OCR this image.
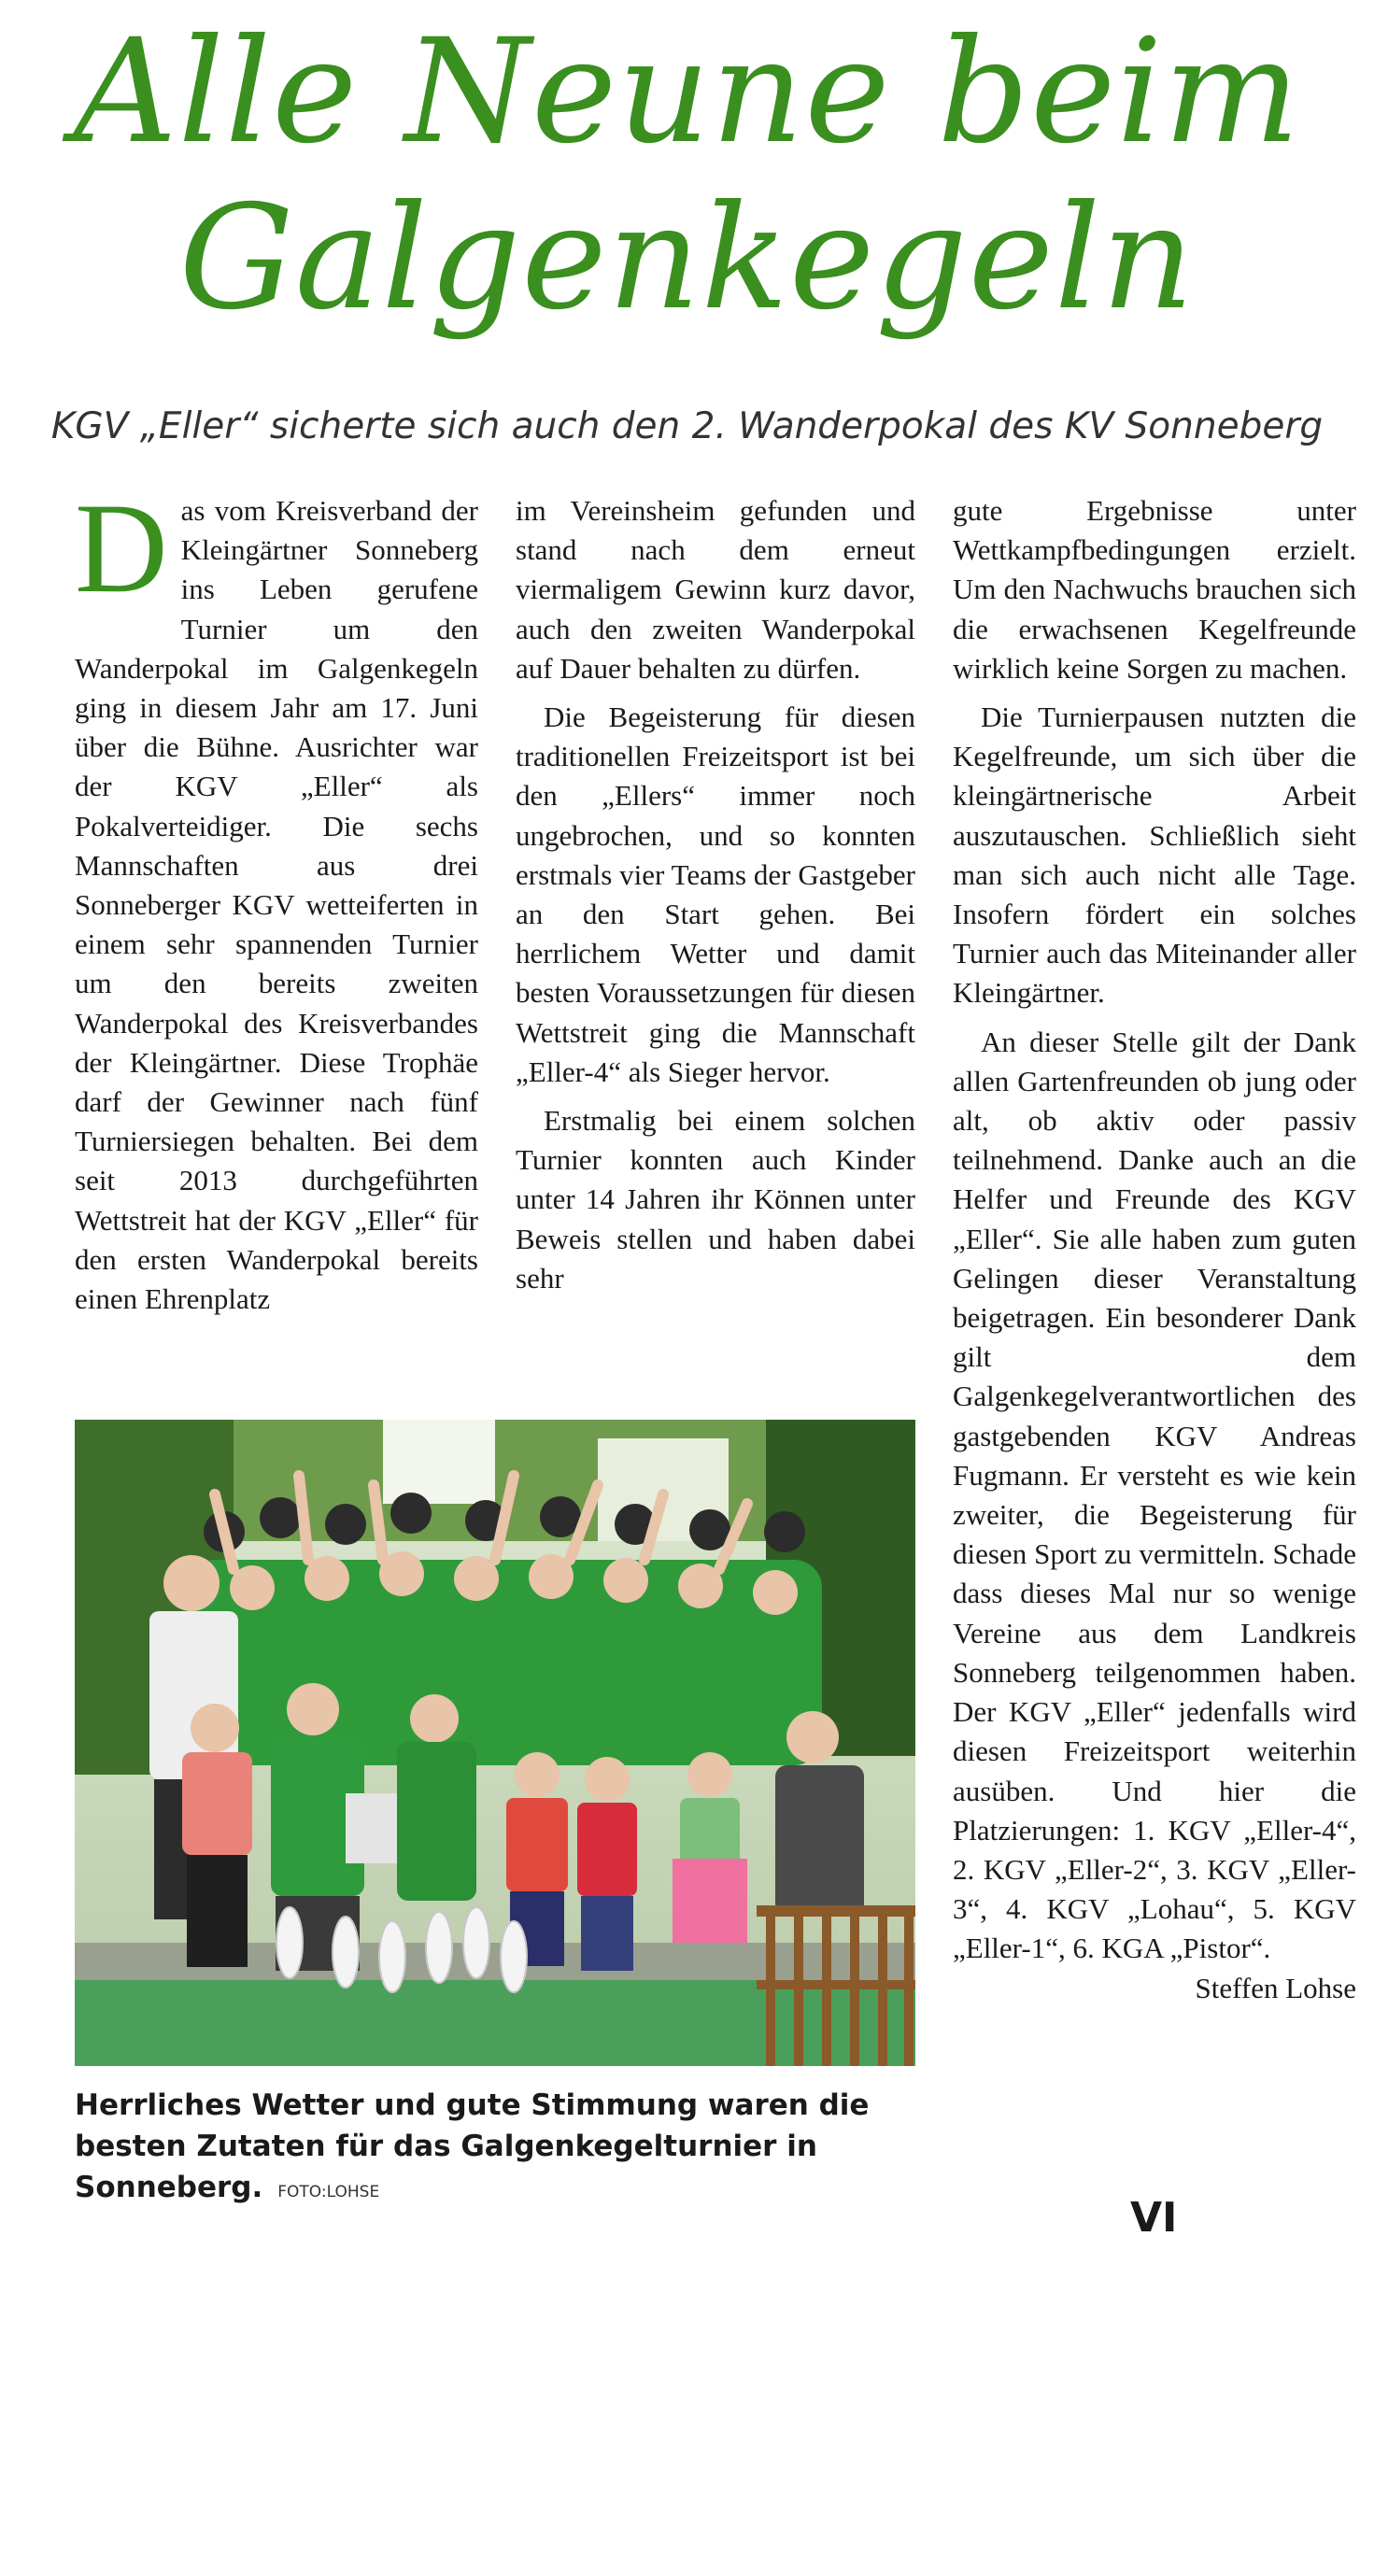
Alle Neune beim
Galgenkegeln

KGV „Eller“ sicherte sich auch den 2. Wanderpokal des KV Sonneberg

Das vom Kreisverband der Kleingärtner Sonneberg ins Leben gerufene Turnier um den Wanderpokal im Galgenkegeln ging in diesem Jahr am 17. Juni über die Bühne. Ausrichter war der KGV „Eller“ als Pokalverteidiger. Die sechs Mannschaften aus drei Sonneberger KGV wetteiferten in einem sehr spannenden Turnier um den bereits zweiten Wanderpokal des Kreisverbandes der Kleingärtner. Diese Trophäe darf der Gewinner nach fünf Turniersiegen behalten. Bei dem seit 2013 durchgeführten Wettstreit hat der KGV „Eller“ für den ersten Wanderpokal bereits einen Ehrenplatz

im Vereinsheim gefunden und stand nach dem erneut viermaligem Gewinn kurz davor, auch den zweiten Wanderpokal auf Dauer behalten zu dürfen.

Die Begeisterung für diesen traditionellen Freizeitsport ist bei den „Ellers“ immer noch ungebrochen, und so konnten erstmals vier Teams der Gastgeber an den Start gehen. Bei herrlichem Wetter und damit besten Voraussetzungen für diesen Wettstreit ging die Mannschaft „Eller-4“ als Sieger hervor.

Erstmalig bei einem solchen Turnier konnten auch Kinder unter 14 Jahren ihr Können unter Beweis stellen und haben dabei sehr

gute Ergebnisse unter Wettkampfbedingungen erzielt. Um den Nachwuchs brauchen sich die erwachsenen Kegelfreunde wirklich keine Sorgen zu machen.

Die Turnierpausen nutzten die Kegelfreunde, um sich über die kleingärtnerische Arbeit auszutauschen. Schließlich sieht man sich auch nicht alle Tage. Insofern fördert ein solches Turnier auch das Miteinander aller Kleingärtner.

An dieser Stelle gilt der Dank allen Gartenfreunden ob jung oder alt, ob aktiv oder passiv teilnehmend. Danke auch an die Helfer und Freunde des KGV „Eller“. Sie alle haben zum guten Gelingen dieser Veranstaltung beigetragen. Ein besonderer Dank gilt dem Galgenkegelverantwortlichen des gastgebenden KGV Andreas Fugmann. Er versteht es wie kein zweiter, die Begeisterung für diesen Sport zu vermitteln. Schade dass dieses Mal nur so wenige Vereine aus dem Landkreis Sonneberg teilgenommen haben. Der KGV „Eller“ jedenfalls wird diesen Freizeitsport weiterhin ausüben. Und hier die Platzierungen: 1. KGV „Eller-4“, 2. KGV „Eller-2“, 3. KGV „Eller-3“, 4. KGV „Lohau“, 5. KGV „Eller-1“, 6. KGA „Pistor“.
Steffen Lohse

Herrliches Wetter und gute Stimmung waren die besten Zutaten für das Galgenkegelturnier in Sonneberg. FOTO:LOHSE
VI
